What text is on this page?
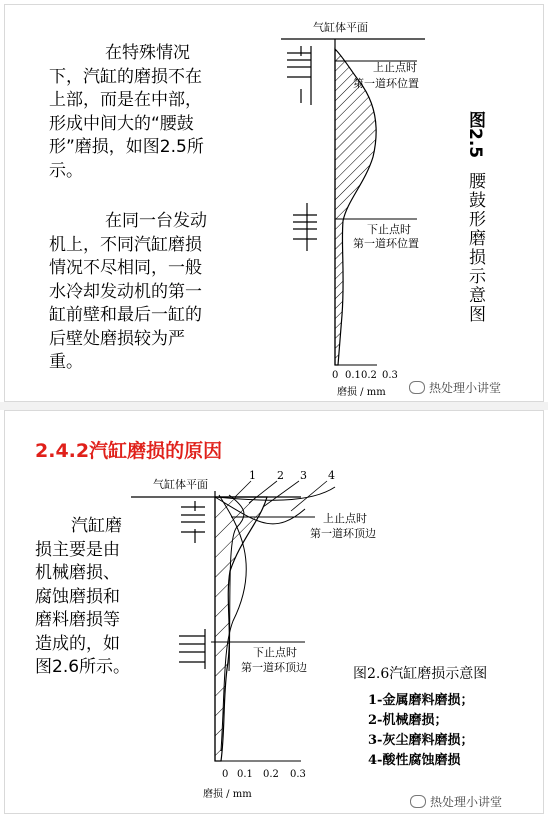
在特殊情况下，汽缸的磨损不在上部，而是在中部，形成中间大的“腰鼓形”磨损，如图2.5所示。

在同一台发动机上，不同汽缸磨损情况不尽相同，一般水冷却发动机的第一缸前壁和最后一缸的后壁处磨损较为严重。

气缸体平面
上止点时
第一道环位置
下止点时
第一道环位置
0 0.1 0.2 0.3
磨损 / mm
图2.5
腰鼓形磨损示意图
热处理小讲堂
2.4.2汽缸磨损的原因

汽缸磨损主要是由机械磨损、腐蚀磨损和磨料磨损等造成的，如图2.6所示。

气缸体平面
1 2 3 4
上止点时
第一道环顶边
下止点时
第一道环顶边
0 0.1 0.2 0.3
磨损 / mm
图2.6汽缸磨损示意图
1-金属磨料磨损；
2-机械磨损；
3-灰尘磨料磨损；
4-酸性腐蚀磨损
热处理小讲堂
